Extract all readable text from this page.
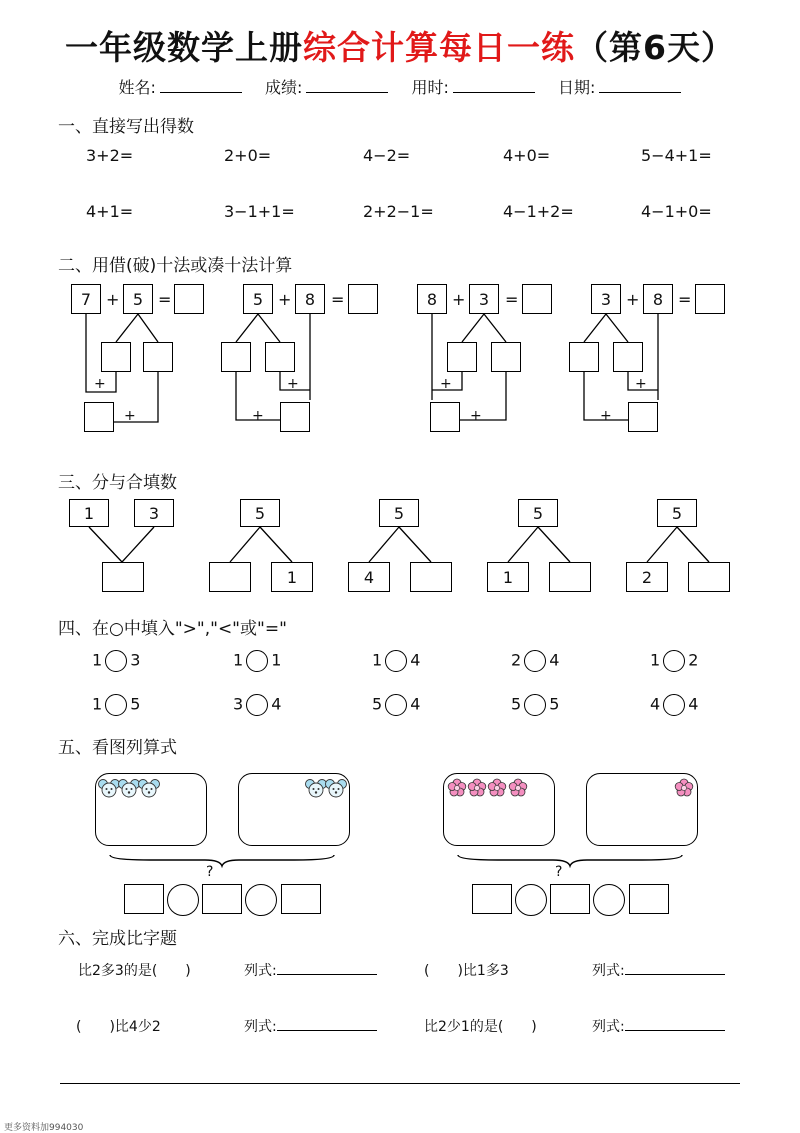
一年级数学上册综合计算每日一练（第6天）
姓名:	成绩:	用时:	日期:
一、直接写出得数
3+2=	2+0=	4−2=	4+0=	5−4+1=
4+1=	3−1+1=	2+2−1=	4−1+2=	4−1+0=
二、用借(破)十法或凑十法计算
7 + 5 =
+
+
5 + 8 =
+
+
8 + 3 =
+
+
3 + 8 =
+
+
三、分与合填数
1	3	5
1
5
4
5
1
5
2
四、在○中填入">","<"或"="
1 3	1 1	1 4	2 4	1 2
1 5	3 4	5 4	5 5	4 4
五、看图列算式
?	?
六、完成比字题
比2多3的是(　　)	列式:	(　　)比1多3	列式:
(　　)比4少2	列式:	比2少1的是(　　)	列式:
更多资料加994030
